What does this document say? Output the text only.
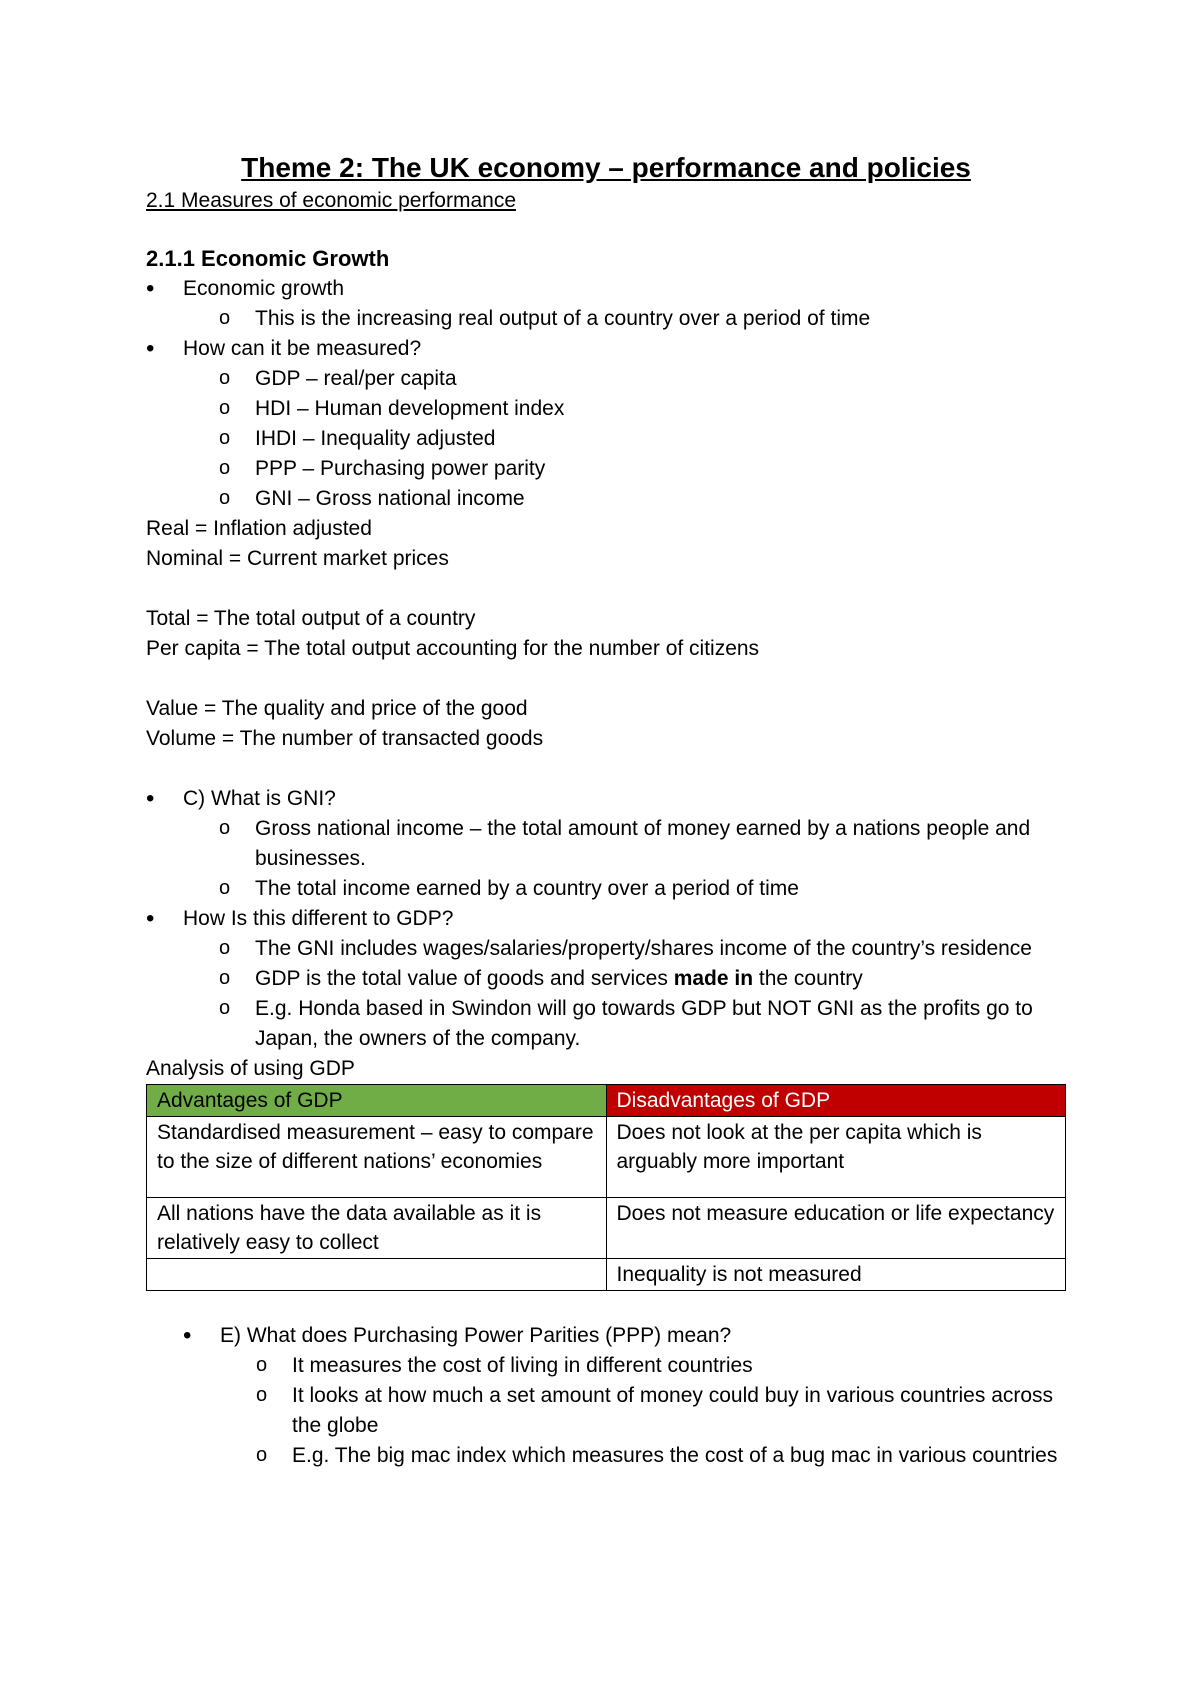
Theme 2: The UK economy – performance and policies
2.1 Measures of economic performance
2.1.1 Economic Growth
• Economic growth
o This is the increasing real output of a country over a period of time
• How can it be measured?
o GDP – real/per capita
o HDI – Human development index
o IHDI – Inequality adjusted
o PPP – Purchasing power parity
o GNI – Gross national income
Real = Inflation adjusted
Nominal = Current market prices
Total = The total output of a country
Per capita = The total output accounting for the number of citizens
Value = The quality and price of the good
Volume = The number of transacted goods
• C) What is GNI?
o Gross national income – the total amount of money earned by a nations people and businesses.
o The total income earned by a country over a period of time
• How Is this different to GDP?
o The GNI includes wages/salaries/property/shares income of the country’s residence
o GDP is the total value of goods and services made in the country
o E.g. Honda based in Swindon will go towards GDP but NOT GNI as the profits go to Japan, the owners of the company.
Analysis of using GDP
Advantages of GDP	Disadvantages of GDP
Standardised measurement – easy to compare to the size of different nations’ economies	Does not look at the per capita which is arguably more important
All nations have the data available as it is relatively easy to collect	Does not measure education or life expectancy
	Inequality is not measured
• E) What does Purchasing Power Parities (PPP) mean?
o It measures the cost of living in different countries
o It looks at how much a set amount of money could buy in various countries across the globe
o E.g. The big mac index which measures the cost of a bug mac in various countries
